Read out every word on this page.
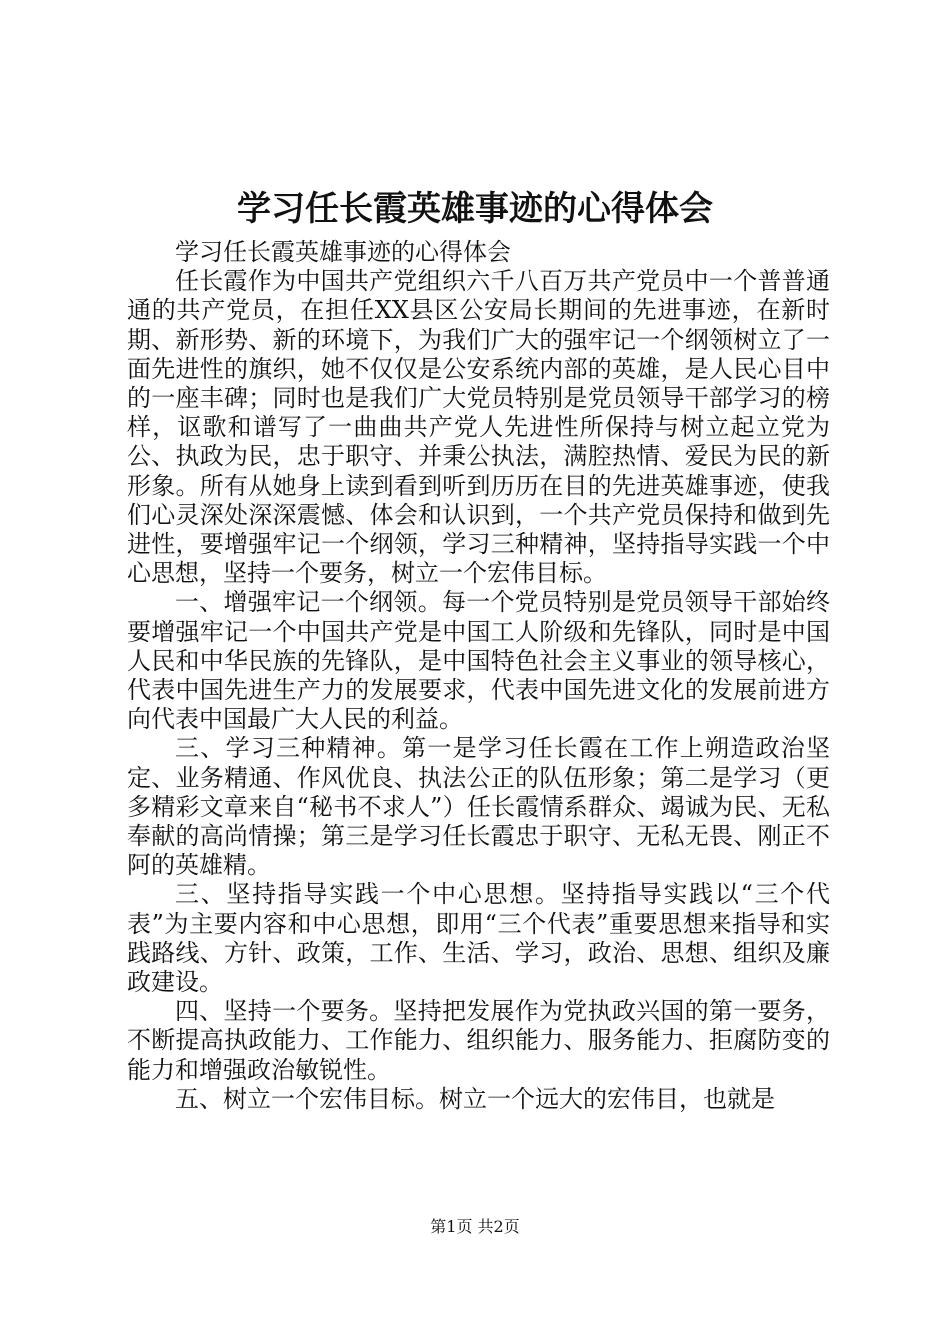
学习任长霞英雄事迹的心得体会

学习任长霞英雄事迹的心得体会

任长霞作为中国共产党组织六千八百万共产党员中一个普普通通的共产党员，在担任XX县区公安局长期间的先进事迹，在新时期、新形势、新的环境下，为我们广大的强牢记一个纲领树立了一面先进性的旗织，她不仅仅是公安系统内部的英雄，是人民心目中的一座丰碑；同时也是我们广大党员特别是党员领导干部学习的榜样，讴歌和谱写了一曲曲共产党人先进性所保持与树立起立党为公、执政为民，忠于职守、并秉公执法，满腔热情、爱民为民的新形象。所有从她身上读到看到听到历历在目的先进英雄事迹，使我们心灵深处深深震憾、体会和认识到，一个共产党员保持和做到先进性，要增强牢记一个纲领，学习三种精神，坚持指导实践一个中心思想，坚持一个要务，树立一个宏伟目标。

一、增强牢记一个纲领。每一个党员特别是党员领导干部始终要增强牢记一个中国共产党是中国工人阶级和先锋队，同时是中国人民和中华民族的先锋队，是中国特色社会主义事业的领导核心，代表中国先进生产力的发展要求，代表中国先进文化的发展前进方向代表中国最广大人民的利益。

三、学习三种精神。第一是学习任长霞在工作上朔造政治坚定、业务精通、作风优良、执法公正的队伍形象；第二是学习（更多精彩文章来自“秘书不求人”）任长霞情系群众、竭诚为民、无私奉献的高尚情操；第三是学习任长霞忠于职守、无私无畏、刚正不阿的英雄精。

三、坚持指导实践一个中心思想。坚持指导实践以“三个代表”为主要内容和中心思想，即用“三个代表”重要思想来指导和实践路线、方针、政策，工作、生活、学习，政治、思想、组织及廉政建设。

四、坚持一个要务。坚持把发展作为党执政兴国的第一要务，不断提高执政能力、工作能力、组织能力、服务能力、拒腐防变的能力和增强政治敏锐性。

五、树立一个宏伟目标。树立一个远大的宏伟目，也就是

第1页 共2页
